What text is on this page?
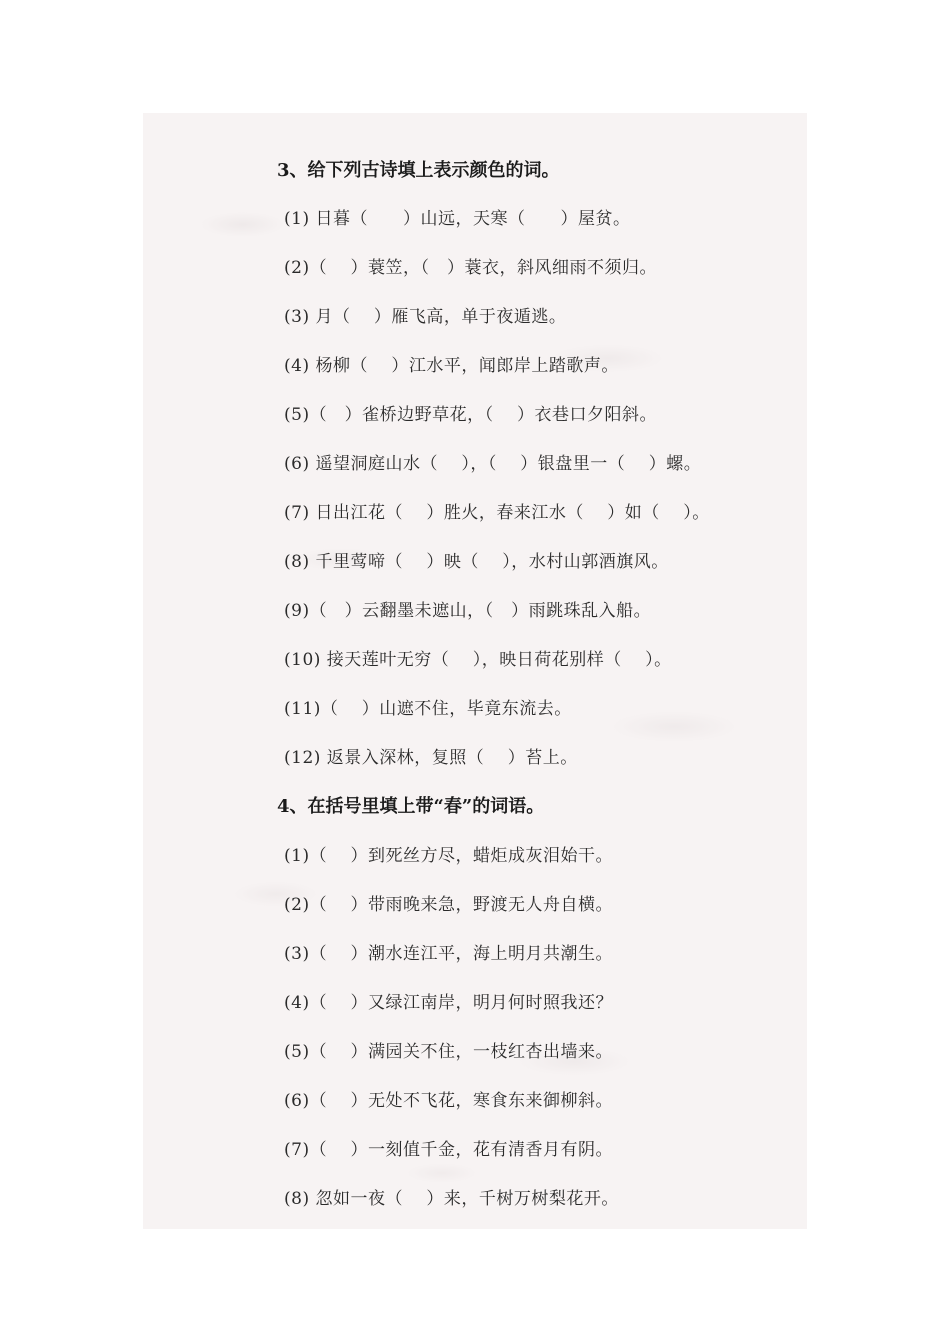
3、给下列古诗填上表示颜色的词。
(1) 日暮（　　）山远，天寒（　　）屋贫。
(2)（　 ）蓑笠，（　）蓑衣，斜风细雨不须归。
(3) 月（　 ）雁飞高，单于夜遁逃。
(4) 杨柳（　 ）江水平，闻郎岸上踏歌声。
(5)（　）雀桥边野草花，（　 ）衣巷口夕阳斜。
(6) 遥望洞庭山水（　 ），（　 ）银盘里一（　 ）螺。
(7) 日出江花（　 ）胜火，春来江水（　 ）如（　 ）。
(8) 千里莺啼（　 ）映（　 ），水村山郭酒旗风。
(9)（　）云翻墨未遮山，（　）雨跳珠乱入船。
(10) 接天莲叶无穷（　 ），映日荷花别样（　 ）。
(11)（　 ）山遮不住，毕竟东流去。
(12) 返景入深林，复照（　 ）苔上。
4、在括号里填上带“春”的词语。
(1)（　 ）到死丝方尽，蜡炬成灰泪始干。
(2)（　 ）带雨晚来急，野渡无人舟自横。
(3)（　 ）潮水连江平，海上明月共潮生。
(4)（　 ）又绿江南岸，明月何时照我还？
(5)（　 ）满园关不住，一枝红杏出墙来。
(6)（　 ）无处不飞花，寒食东来御柳斜。
(7)（　 ）一刻值千金，花有清香月有阴。
(8) 忽如一夜（　 ）来，千树万树梨花开。
